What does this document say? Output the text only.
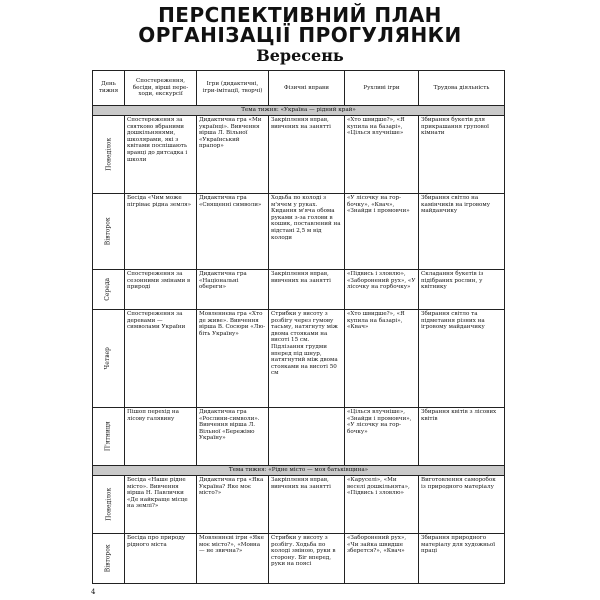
ПЕРСПЕКТИВНИЙ ПЛАН
ОРГАНІЗАЦІЇ ПРОГУЛЯНКИ
Вересень
День тижня	Спостереження, бесіди, вірші переходи, екскурсії	Ігри (дидактичні, ігри-імітації, творчі)	Фізичні вправи	Рухливі ігри	Трудова діяльність
Тема тижня: «Україна — рідний край»					
Понеділок	Спостереження за святково вбраними дошкільнянями, школярами, які з квітами поспішають вранці до дитсадка і школи	Дидактична гра «Ми українці». Вивчення вірша Л. Вільної «Український прапор»	Закріплення вправ, вивчених на занятті	«Хто швидше?», «Я купила на базарі», «Цілься влучніше»	Збирання букетів для прикрашання групової кімнати
Вівторок	Бесіда «Чим може пігріває рідна земля»	Дидактична гра «Священні символи»	Ходьба по колоді з м'ячем у руках. Кидання м'яча обома руками з-за голови в кошик, поставлений на відстані 2,5 м від колоди	«У лісочку на горбочку», «Квач», «Знайди і промовчи»	Збирання світло на камінчиків на ігровому майданчику
Середа	Спостереження за сезонними змінами в природі	Дидактична гра «Національні обереги»	Закріплення вправ, вивчених на занятті	«Підвись і зловлю», «Заборонeний рух», «У лісочку на горбочку»	Складання букетів із підібраних рослин, у квітнику
Четвер	Спостереження за деревами — символами України	Мовленнєва гра «Хто де живе». Вивчення вірша В. Сосюри «Любіть Україну»	Стрибки у висоту з розбігу через гумову тасьму, натягнуту між двома стояками на висоті 15 см. Підлізання грудми вперед під шнур, натягнутий між двома стояками на висоті 50 см	«Хто швидше?», «Я купила на базарі», «Квач»	Збирання світло та підметання різних на ігровому майданчику
П'ятниця	Пішоп перехід на лісову галявину	Дидактична гра «Рослини-символи». Вивчення вірша Л. Вільної «Бережімо Україну»		«Цілься влучніше», «Знайди і промовчи», «У лісочку на горбочку»	Збирання квітів з лісових квітів
Тема тижня: «Рідне місто — моя батьківщина»					
Понеділок	Бесіда «Наше рідне місто». Вивчення вірша Н. Павлички «Де найкраще місце на землі?»	Дидактична гра «Яка Україна? Яке моє місто?»	Закріплення вправ, вивчених на занятті	«Каруселі», «Ми веселі дошкільнята», «Підвись і зловлю»	Виготовлення саморобок із природного матеріалу
Вівторок	Бесіда про природу рідного міста	Мовленнєві ігри «Яке моє місто?», «Мовна — не звична?»	Стрибки у висоту з розбігу. Ходьба по колоді зміною, руки в сторону. Біг вперед, руки на поясі	«Заборонений рух», «Чи зайка швидше зберется?», «Квач»	Збирання природного матеріалу для художньої праці
4
